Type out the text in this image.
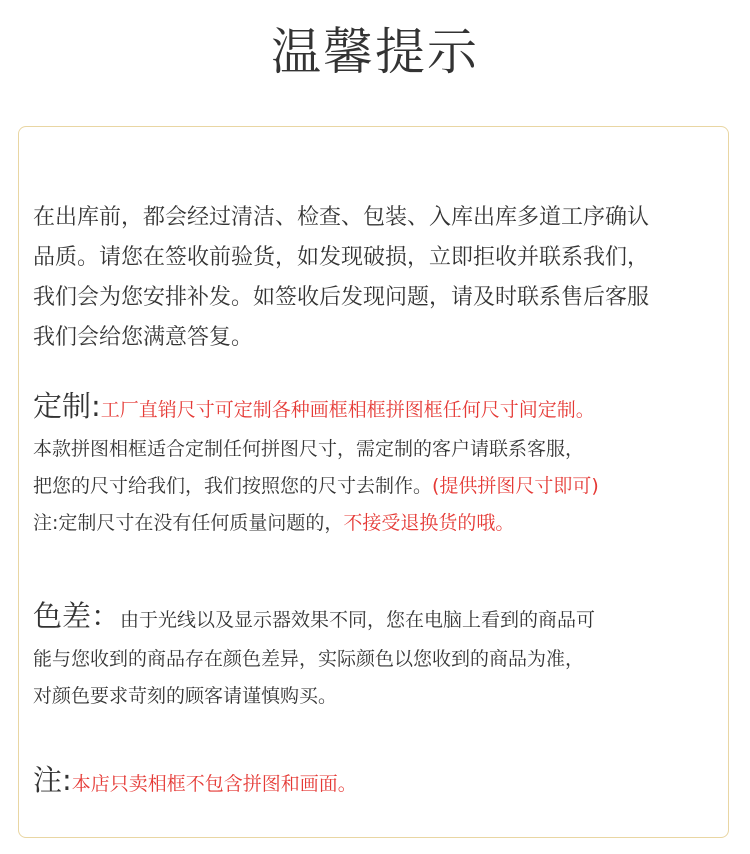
温馨提示
在出库前，都会经过清洁、检查、包装、入库出库多道工序确认
品质。请您在签收前验货，如发现破损，立即拒收并联系我们，
我们会为您安排补发。如签收后发现问题，请及时联系售后客服
我们会给您满意答复。
定制:工厂直销尺寸可定制各种画框相框拼图框任何尺寸间定制。
本款拼图相框适合定制任何拼图尺寸，需定制的客户请联系客服，
把您的尺寸给我们，我们按照您的尺寸去制作。(提供拼图尺寸即可)
注:定制尺寸在没有任何质量问题的，不接受退换货的哦。
色差：由于光线以及显示器效果不同，您在电脑上看到的商品可
能与您收到的商品存在颜色差异，实际颜色以您收到的商品为准，
对颜色要求苛刻的顾客请谨慎购买。
注:本店只卖相框不包含拼图和画面。
